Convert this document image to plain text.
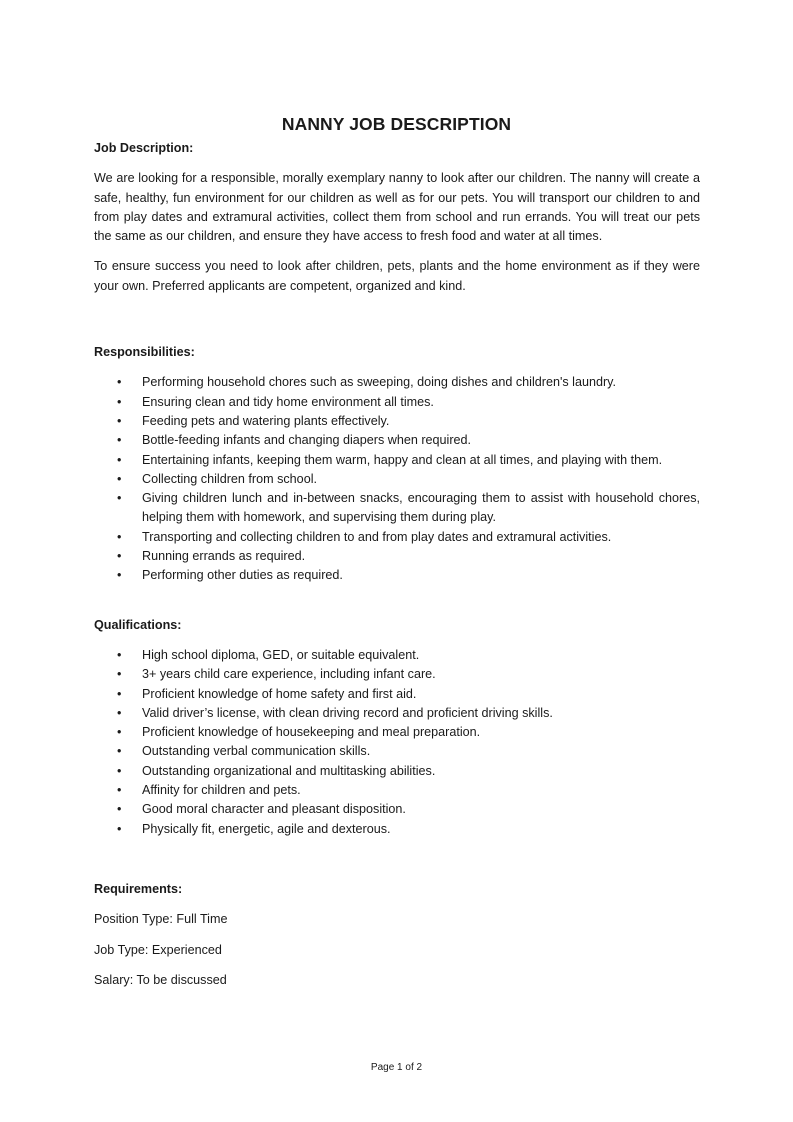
NANNY JOB DESCRIPTION

Job Description:

We are looking for a responsible, morally exemplary nanny to look after our children. The nanny will create a safe, healthy, fun environment for our children as well as for our pets. You will transport our children to and from play dates and extramural activities, collect them from school and run errands. You will treat our pets the same as our children, and ensure they have access to fresh food and water at all times.

To ensure success you need to look after children, pets, plants and the home environment as if they were your own. Preferred applicants are competent, organized and kind.

Responsibilities:

• Performing household chores such as sweeping, doing dishes and children's laundry.
• Ensuring clean and tidy home environment all times.
• Feeding pets and watering plants effectively.
• Bottle-feeding infants and changing diapers when required.
• Entertaining infants, keeping them warm, happy and clean at all times, and playing with them.
• Collecting children from school.
• Giving children lunch and in-between snacks, encouraging them to assist with household chores, helping them with homework, and supervising them during play.
• Transporting and collecting children to and from play dates and extramural activities.
• Running errands as required.
• Performing other duties as required.

Qualifications:

• High school diploma, GED, or suitable equivalent.
• 3+ years child care experience, including infant care.
• Proficient knowledge of home safety and first aid.
• Valid driver’s license, with clean driving record and proficient driving skills.
• Proficient knowledge of housekeeping and meal preparation.
• Outstanding verbal communication skills.
• Outstanding organizational and multitasking abilities.
• Affinity for children and pets.
• Good moral character and pleasant disposition.
• Physically fit, energetic, agile and dexterous.

Requirements:

Position Type: Full Time

Job Type: Experienced

Salary: To be discussed

Page 1 of 2
